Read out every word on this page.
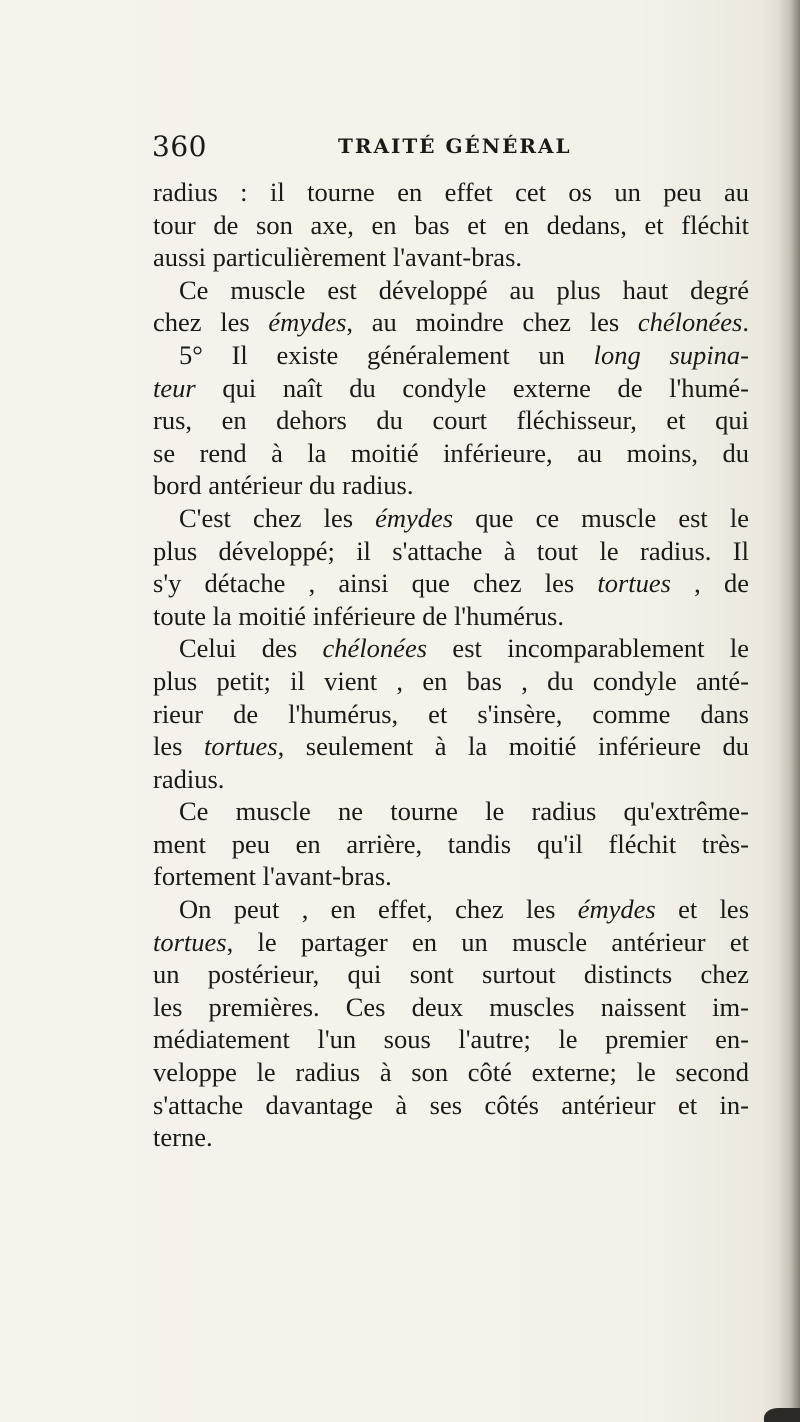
360	TRAITÉ GÉNÉRAL
radius : il tourne en effet cet os un peu au
tour de son axe, en bas et en dedans, et fléchit
aussi particulièrement l'avant-bras.
Ce muscle est développé au plus haut degré
chez les émydes, au moindre chez les chélonées.
5° Il existe généralement un long supina-
teur qui naît du condyle externe de l'humé-
rus, en dehors du court fléchisseur, et qui
se rend à la moitié inférieure, au moins, du
bord antérieur du radius.
C'est chez les émydes que ce muscle est le
plus développé; il s'attache à tout le radius. Il
s'y détache , ainsi que chez les tortues , de
toute la moitié inférieure de l'humérus.
Celui des chélonées est incomparablement le
plus petit; il vient , en bas , du condyle anté-
rieur de l'humérus, et s'insère, comme dans
les tortues, seulement à la moitié inférieure du
radius.
Ce muscle ne tourne le radius qu'extrême-
ment peu en arrière, tandis qu'il fléchit très-
fortement l'avant-bras.
On peut , en effet, chez les émydes et les
tortues, le partager en un muscle antérieur et
un postérieur, qui sont surtout distincts chez
les premières. Ces deux muscles naissent im-
médiatement l'un sous l'autre; le premier en-
veloppe le radius à son côté externe; le second
s'attache davantage à ses côtés antérieur et in-
terne.
